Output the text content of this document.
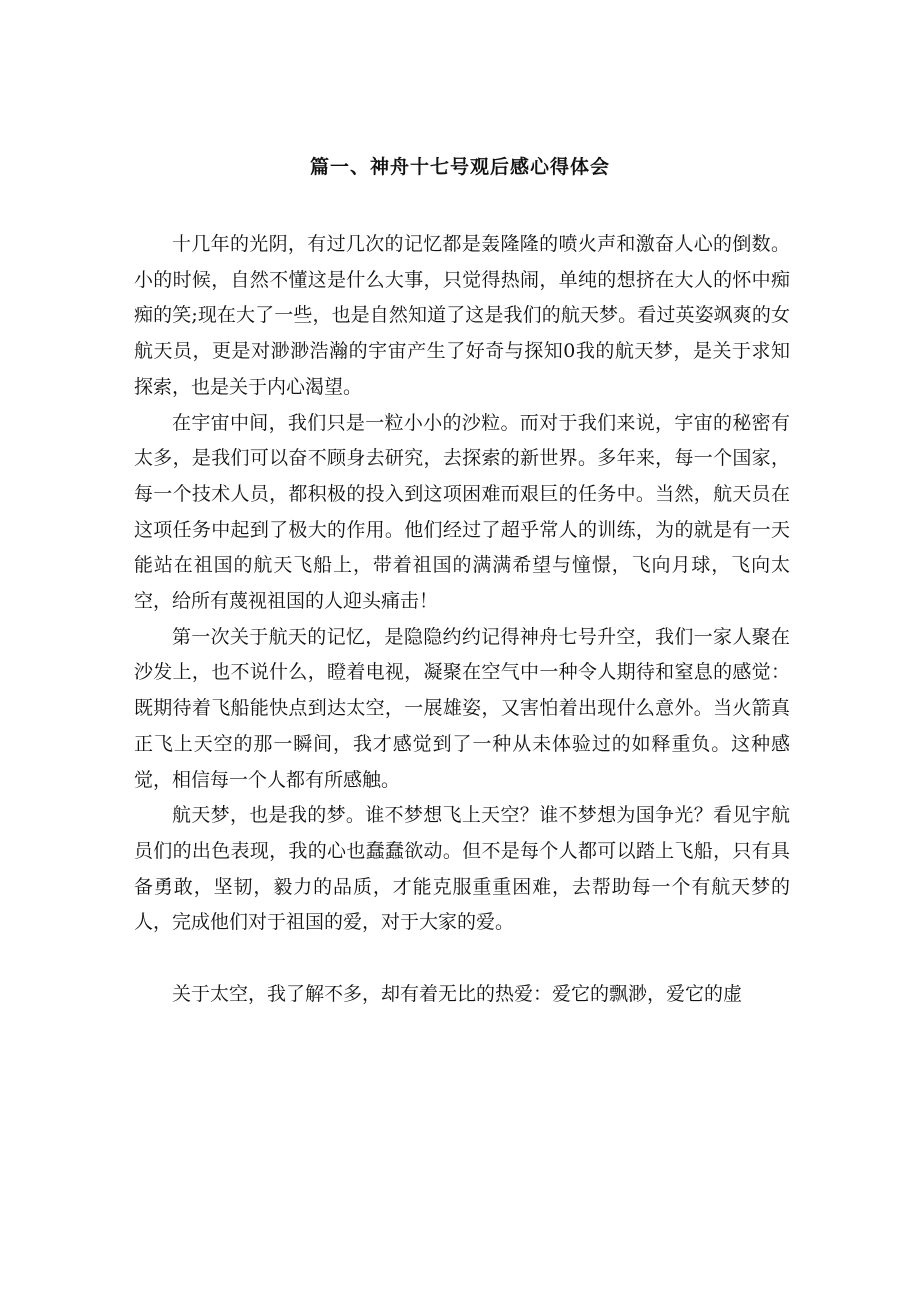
篇一、神舟十七号观后感心得体会

十几年的光阴，有过几次的记忆都是轰隆隆的喷火声和激奋人心的倒数。小的时候，自然不懂这是什么大事，只觉得热闹，单纯的想挤在大人的怀中痴痴的笑;现在大了一些，也是自然知道了这是我们的航天梦。看过英姿飒爽的女航天员，更是对渺渺浩瀚的宇宙产生了好奇与探知0我的航天梦，是关于求知探索，也是关于内心渴望。

在宇宙中间，我们只是一粒小小的沙粒。而对于我们来说，宇宙的秘密有太多，是我们可以奋不顾身去研究，去探索的新世界。多年来，每一个国家，每一个技术人员，都积极的投入到这项困难而艰巨的任务中。当然，航天员在这项任务中起到了极大的作用。他们经过了超乎常人的训练，为的就是有一天能站在祖国的航天飞船上，带着祖国的满满希望与憧憬，飞向月球，飞向太空，给所有蔑视祖国的人迎头痛击！

第一次关于航天的记忆，是隐隐约约记得神舟七号升空，我们一家人聚在沙发上，也不说什么，瞪着电视，凝聚在空气中一种令人期待和窒息的感觉：既期待着飞船能快点到达太空，一展雄姿，又害怕着出现什么意外。当火箭真正飞上天空的那一瞬间，我才感觉到了一种从未体验过的如释重负。这种感觉，相信每一个人都有所感触。

航天梦，也是我的梦。谁不梦想飞上天空？谁不梦想为国争光？看见宇航员们的出色表现，我的心也蠢蠢欲动。但不是每个人都可以踏上飞船，只有具备勇敢，坚韧，毅力的品质，才能克服重重困难，去帮助每一个有航天梦的人，完成他们对于祖国的爱，对于大家的爱。

关于太空，我了解不多，却有着无比的热爱：爱它的飘渺，爱它的虚
